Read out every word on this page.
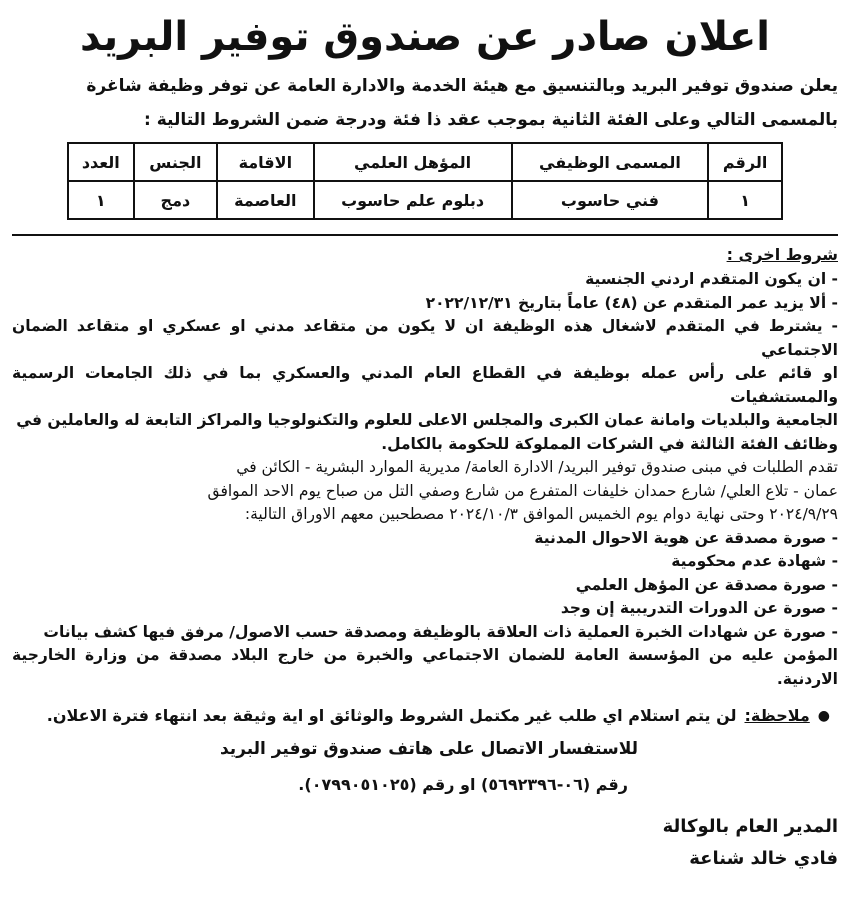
اعلان صادر عن صندوق توفير البريد

يعلن صندوق توفير البريد وبالتنسيق مع هيئة الخدمة والادارة العامة عن توفر وظيفة شاغرة

بالمسمى التالي وعلى الفئة الثانية بموجب عقد ذا فئة ودرجة ضمن الشروط التالية :

الرقم	المسمى الوظيفي	المؤهل العلمي	الاقامة	الجنس	العدد
١	فني حاسوب	دبلوم علم حاسوب	العاصمة	دمج	١

شروط اخرى :

- ان يكون المتقدم اردني الجنسية

- ألا يزيد عمر المتقدم عن (٤٨) عاماً بتاريخ ٢٠٢٢/١٢/٣١

- يشترط في المتقدم لاشغال هذه الوظيفة ان لا يكون من متقاعد مدني او عسكري او متقاعد الضمان الاجتماعي

او قائم على رأس عمله بوظيفة في القطاع العام المدني والعسكري بما في ذلك الجامعات الرسمية والمستشفيات

الجامعية والبلديات وامانة عمان الكبرى والمجلس الاعلى للعلوم والتكنولوجيا والمراكز التابعة له والعاملين في

وظائف الفئة الثالثة في الشركات المملوكة للحكومة بالكامل.

تقدم الطلبات في مبنى صندوق توفير البريد/ الادارة العامة/ مديرية الموارد البشرية - الكائن في

عمان - تلاع العلي/ شارع حمدان خليفات المتفرع من شارع وصفي التل من صباح يوم الاحد الموافق

٢٠٢٤/٩/٢٩ وحتى نهاية دوام يوم الخميس الموافق ٢٠٢٤/١٠/٣ مصطحبين معهم الاوراق التالية:

- صورة مصدقة عن هوية الاحوال المدنية

- شهادة عدم محكومية

- صورة مصدقة عن المؤهل العلمي

- صورة عن الدورات التدريبية إن وجد

- صورة عن شهادات الخبرة العملية ذات العلاقة بالوظيفة ومصدقة حسب الاصول/ مرفق فيها كشف بيانات

المؤمن عليه من المؤسسة العامة للضمان الاجتماعي والخبرة من خارج البلاد مصدقة من وزارة الخارجية الاردنية.

●
ملاحظة:
لن يتم استلام اي طلب غير مكتمل الشروط والوثائق او اية وثيقة بعد انتهاء فترة الاعلان.

للاستفسار الاتصال على هاتف صندوق توفير البريد

رقم (٠٦-٥٦٩٢٣٩٦) او رقم (٠٧٩٩٠٥١٠٢٥).

المدير العام بالوكالة

فادي خالد شناعة
